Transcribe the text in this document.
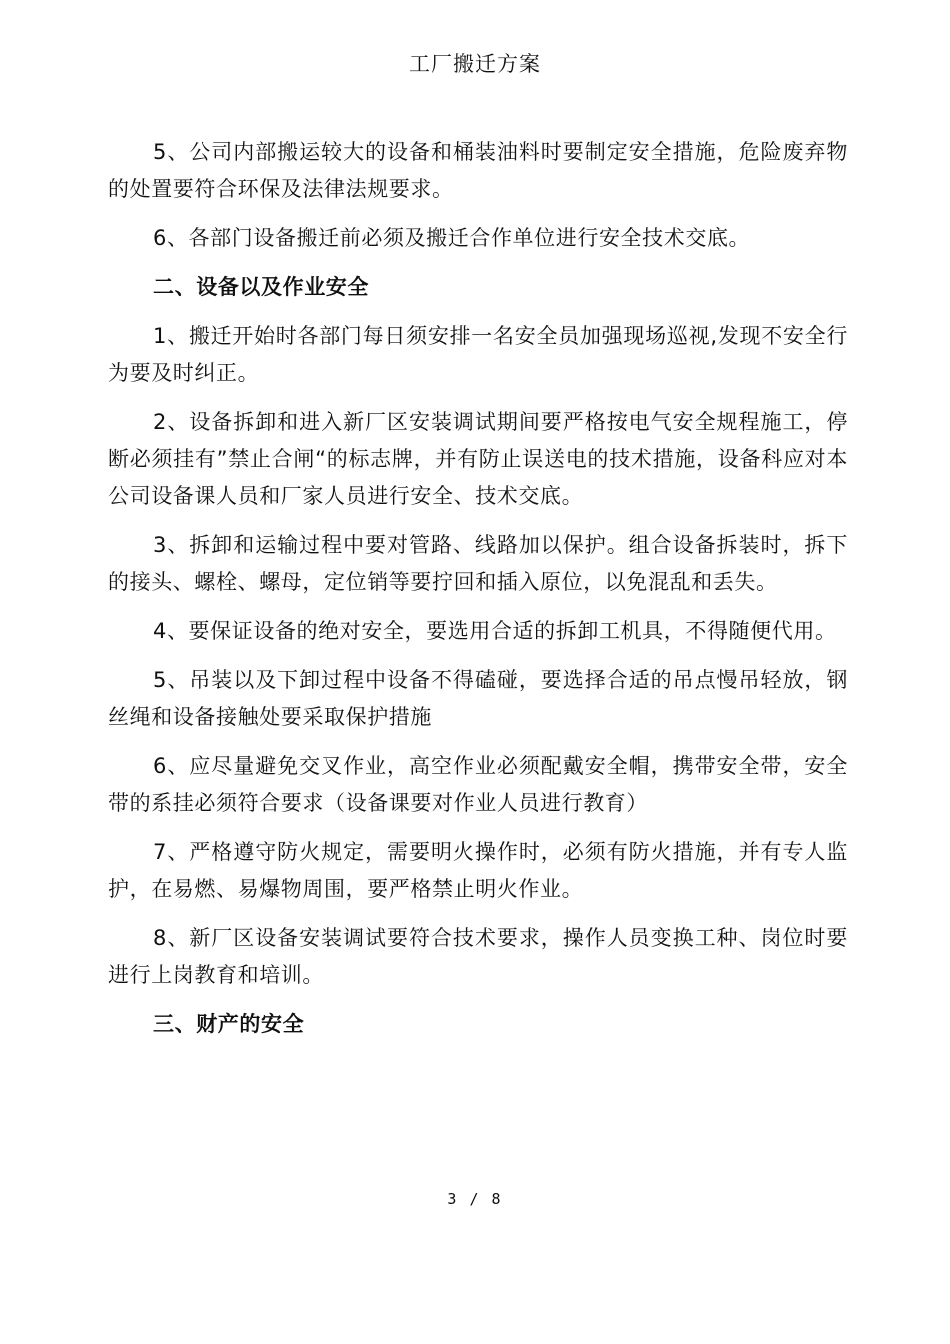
工厂搬迁方案

5、公司内部搬运较大的设备和桶装油料时要制定安全措施，危险废弃物的处置要符合环保及法律法规要求。

6、各部门设备搬迁前必须及搬迁合作单位进行安全技术交底。

二、设备以及作业安全

1、搬迁开始时各部门每日须安排一名安全员加强现场巡视,发现不安全行为要及时纠正。

2、设备拆卸和进入新厂区安装调试期间要严格按电气安全规程施工，停断必须挂有”禁止合闸“的标志牌，并有防止误送电的技术措施，设备科应对本公司设备课人员和厂家人员进行安全、技术交底。

3、拆卸和运输过程中要对管路、线路加以保护。组合设备拆装时，拆下的接头、螺栓、螺母，定位销等要拧回和插入原位，以免混乱和丢失。

4、要保证设备的绝对安全，要选用合适的拆卸工机具，不得随便代用。

5、吊装以及下卸过程中设备不得磕碰，要选择合适的吊点慢吊轻放，钢丝绳和设备接触处要采取保护措施

6、应尽量避免交叉作业，高空作业必须配戴安全帽，携带安全带，安全带的系挂必须符合要求（设备课要对作业人员进行教育）

7、严格遵守防火规定，需要明火操作时，必须有防火措施，并有专人监护，在易燃、易爆物周围，要严格禁止明火作业。

8、新厂区设备安装调试要符合技术要求，操作人员变换工种、岗位时要进行上岗教育和培训。

三、财产的安全

3 / 8
